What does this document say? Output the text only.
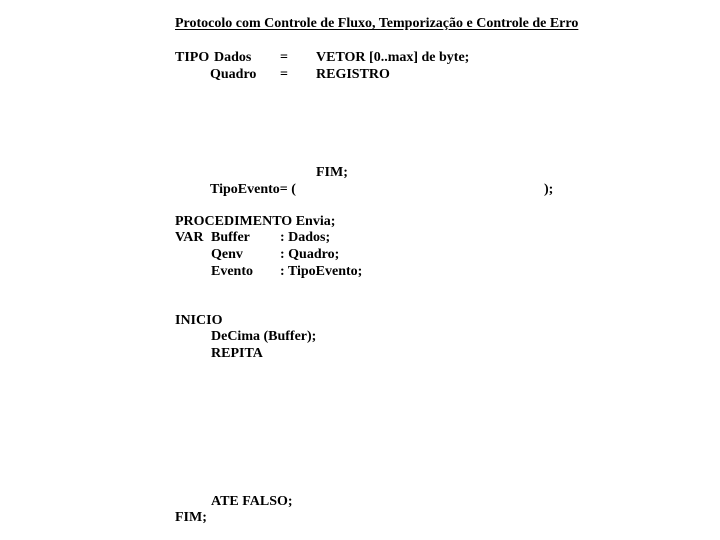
Protocolo com Controle de Fluxo, Temporização e Controle de Erro
TIPO Dados = VETOR [0..max] de byte;
Quadro = REGISTRO
FIM;
TipoEvento= (	);
PROCEDIMENTO Envia;
VAR Buffer : Dados;
Qenv	: Quadro;
Evento : TipoEvento;
INICIO
DeCima (Buffer);
REPITA
ATE FALSO;
FIM;
